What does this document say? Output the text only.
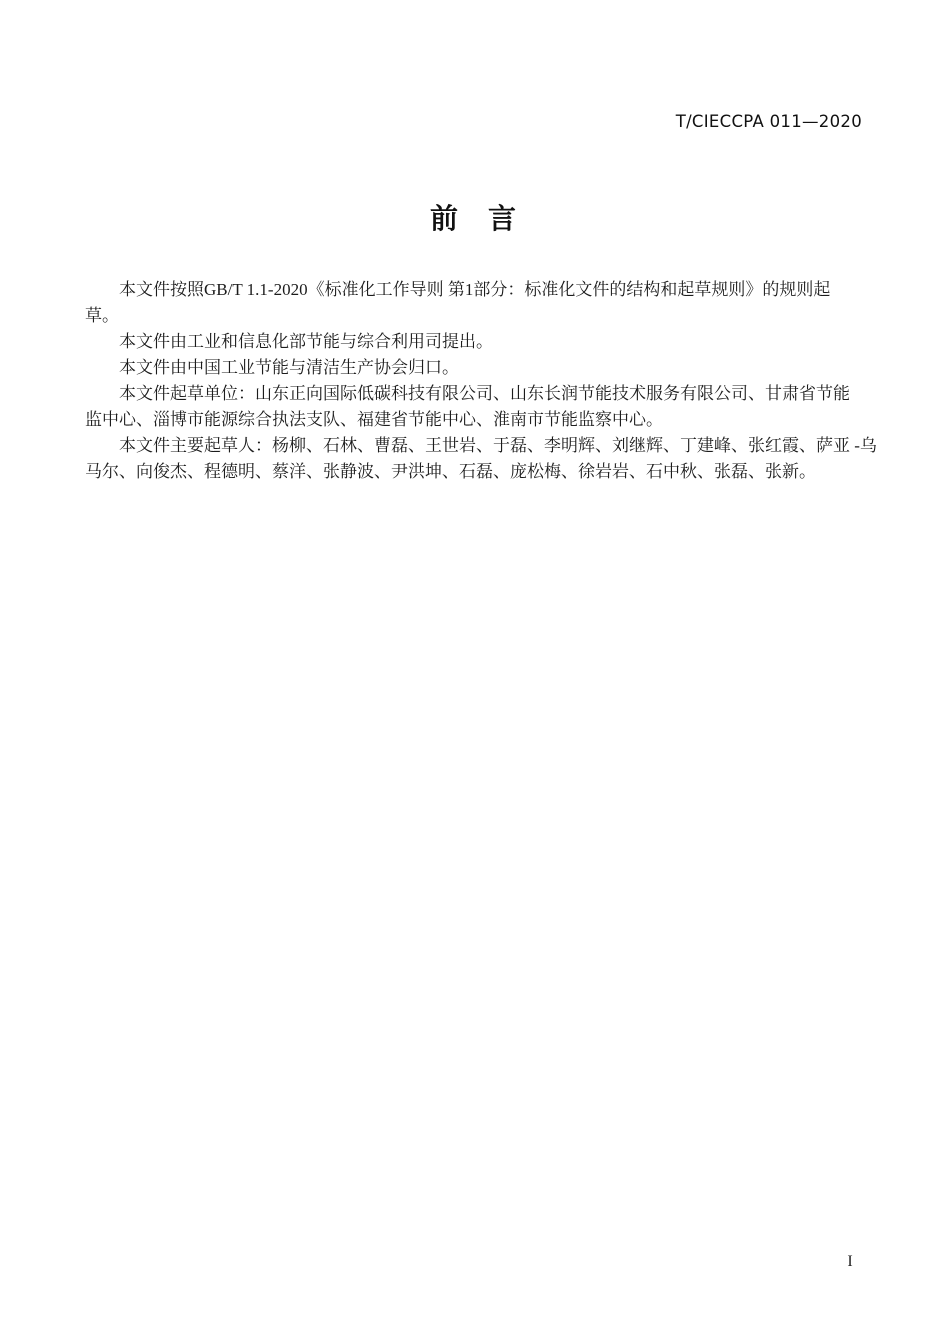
T/CIECCPA 011—2020
前　言
本文件按照GB/T 1.1-2020《标准化工作导则 第1部分：标准化文件的结构和起草规则》的规则起
草。
本文件由工业和信息化部节能与综合利用司提出。
本文件由中国工业节能与清洁生产协会归口。
本文件起草单位：山东正向国际低碳科技有限公司、山东长润节能技术服务有限公司、甘肃省节能
监中心、淄博市能源综合执法支队、福建省节能中心、淮南市节能监察中心。
本文件主要起草人：杨柳、石林、曹磊、王世岩、于磊、李明辉、刘继辉、丁建峰、张红霞、萨亚 -乌
马尔、向俊杰、程德明、蔡洋、张静波、尹洪坤、石磊、庞松梅、徐岩岩、石中秋、张磊、张新。
I
